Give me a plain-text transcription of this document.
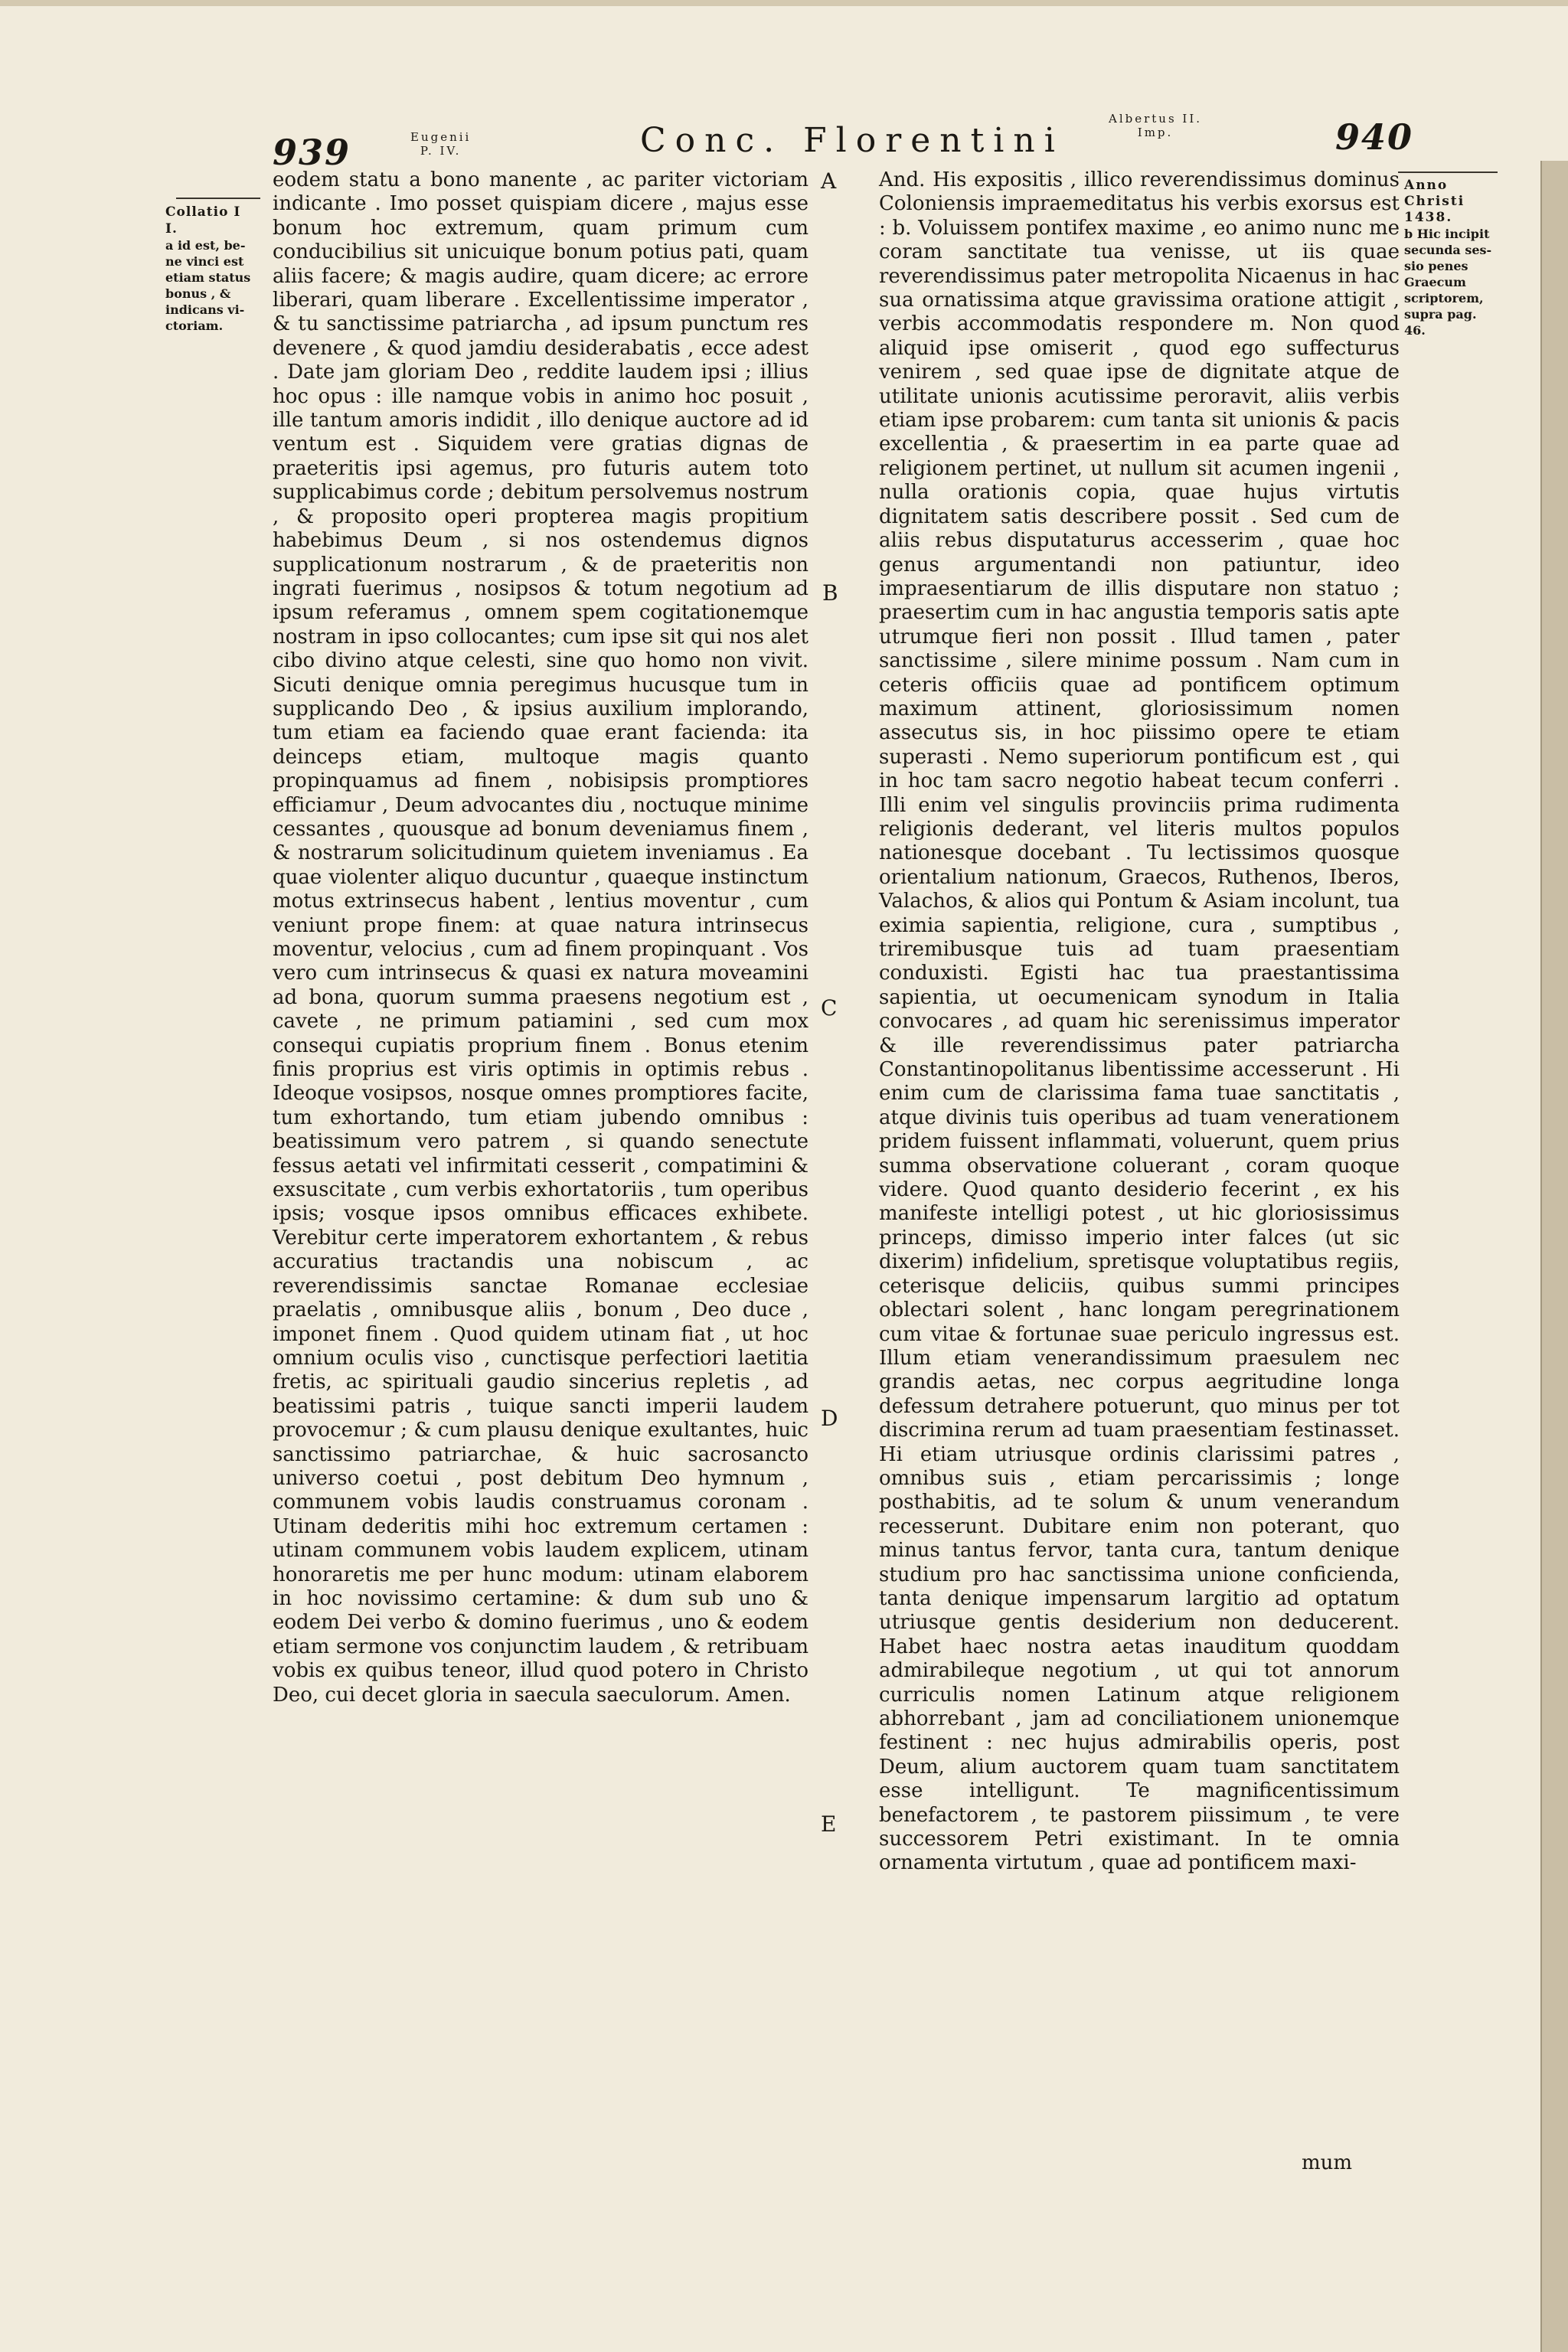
939	Eugenii
P. IV.	Conc. Florentini
Albertus II.
Imp.	940
Collatio I I.
a id est, be-
ne vinci est
etiam status
bonus , &
indicans vi-
ctoriam.

eodem statu a bono manente , ac pariter victoriam indicante . Imo posset quispiam dicere , majus esse bonum hoc extremum, quam primum cum conducibilius sit unicuique bonum potius pati, quam aliis facere; & magis audire, quam dicere; ac errore liberari, quam liberare . Excellentissime imperator , & tu sanctissime patriarcha , ad ipsum punctum res devenere , & quod jamdiu desiderabatis , ecce adest . Date jam gloriam Deo , reddite laudem ipsi ; illius hoc opus : ille namque vobis in animo hoc posuit , ille tantum amoris indidit , illo denique auctore ad id ventum est . Siquidem vere gratias dignas de praeteritis ipsi agemus, pro futuris autem toto supplicabimus corde ; debitum persolvemus nostrum , & proposito operi propterea magis propitium habebimus Deum , si nos ostendemus dignos supplicationum nostrarum , & de praeteritis non ingrati fuerimus , nosipsos & totum negotium ad ipsum referamus , omnem spem cogitationemque nostram in ipso collocantes; cum ipse sit qui nos alet cibo divino atque celesti, sine quo homo non vivit. Sicuti denique omnia peregimus hucusque tum in supplicando Deo , & ipsius auxilium implorando, tum etiam ea faciendo quae erant facienda: ita deinceps etiam, multoque magis quanto propinquamus ad finem , nobisipsis promptiores efficiamur , Deum advocantes diu , noctuque minime cessantes , quousque ad bonum deveniamus finem , & nostrarum solicitudinum quietem inveniamus . Ea quae violenter aliquo ducuntur , quaeque instinctum motus extrinsecus habent , lentius moventur , cum veniunt prope finem: at quae natura intrinsecus moventur, velocius , cum ad finem propinquant . Vos vero cum intrinsecus & quasi ex natura moveamini ad bona, quorum summa praesens negotium est , cavete , ne primum patiamini , sed cum mox consequi cupiatis proprium finem . Bonus etenim finis proprius est viris optimis in optimis rebus . Ideoque vosipsos, nosque omnes promptiores facite, tum exhortando, tum etiam jubendo omnibus : beatissimum vero patrem , si quando senectute fessus aetati vel infirmitati cesserit , compatimini & exsuscitate , cum verbis exhortatoriis , tum operibus ipsis; vosque ipsos omnibus efficaces exhibete. Verebitur certe imperatorem exhortantem , & rebus accuratius tractandis una nobiscum , ac reverendissimis sanctae Romanae ecclesiae praelatis , omnibusque aliis , bonum , Deo duce , imponet finem . Quod quidem utinam fiat , ut hoc omnium oculis viso , cunctisque perfectiori laetitia fretis, ac spirituali gaudio sincerius repletis , ad beatissimi patris , tuique sancti imperii laudem provocemur ; & cum plausu denique exultantes, huic sanctissimo patriarchae, & huic sacrosancto universo coetui , post debitum Deo hymnum , communem vobis laudis construamus coronam . Utinam dederitis mihi hoc extremum certamen : utinam communem vobis laudem explicem, utinam honoraretis me per hunc modum: utinam elaborem in hoc novissimo certamine: & dum sub uno & eodem Dei verbo & domino fuerimus , uno & eodem etiam sermone vos conjunctim laudem , & retribuam vobis ex quibus teneor, illud quod potero in Christo Deo, cui decet gloria in saecula saeculorum. Amen.

A
B
C
D
E

And. His expositis , illico reverendissimus dominus Coloniensis impraemeditatus his verbis exorsus est : b. Voluissem pontifex maxime , eo animo nunc me coram sanctitate tua venisse, ut iis quae reverendissimus pater metropolita Nicaenus in hac sua ornatissima atque gravissima oratione attigit , verbis accommodatis respondere m. Non quod aliquid ipse omiserit , quod ego suffecturus venirem , sed quae ipse de dignitate atque de utilitate unionis acutissime peroravit, aliis verbis etiam ipse probarem: cum tanta sit unionis & pacis excellentia , & praesertim in ea parte quae ad religionem pertinet, ut nullum sit acumen ingenii , nulla orationis copia, quae hujus virtutis dignitatem satis describere possit . Sed cum de aliis rebus disputaturus accesserim , quae hoc genus argumentandi non patiuntur, ideo impraesentiarum de illis disputare non statuo ; praesertim cum in hac angustia temporis satis apte utrumque fieri non possit . Illud tamen , pater sanctissime , silere minime possum . Nam cum in ceteris officiis quae ad pontificem optimum maximum attinent, gloriosissimum nomen assecutus sis, in hoc piissimo opere te etiam superasti . Nemo superiorum pontificum est , qui in hoc tam sacro negotio habeat tecum conferri . Illi enim vel singulis provinciis prima rudimenta religionis dederant, vel literis multos populos nationesque docebant . Tu lectissimos quosque orientalium nationum, Graecos, Ruthenos, Iberos, Valachos, & alios qui Pontum & Asiam incolunt, tua eximia sapientia, religione, cura , sumptibus , triremibusque tuis ad tuam praesentiam conduxisti. Egisti hac tua praestantissima sapientia, ut oecumenicam synodum in Italia convocares , ad quam hic serenissimus imperator & ille reverendissimus pater patriarcha Constantinopolitanus libentissime accesserunt . Hi enim cum de clarissima fama tuae sanctitatis , atque divinis tuis operibus ad tuam venerationem pridem fuissent inflammati, voluerunt, quem prius summa observatione coluerant , coram quoque videre. Quod quanto desiderio fecerint , ex his manifeste intelligi potest , ut hic gloriosissimus princeps, dimisso imperio inter falces (ut sic dixerim) infidelium, spretisque voluptatibus regiis, ceterisque deliciis, quibus summi principes oblectari solent , hanc longam peregrinationem cum vitae & fortunae suae periculo ingressus est. Illum etiam venerandissimum praesulem nec grandis aetas, nec corpus aegritudine longa defessum detrahere potuerunt, quo minus per tot discrimina rerum ad tuam praesentiam festinasset. Hi etiam utriusque ordinis clarissimi patres , omnibus suis , etiam percarissimis ; longe posthabitis, ad te solum & unum venerandum recesserunt. Dubitare enim non poterant, quo minus tantus fervor, tanta cura, tantum denique studium pro hac sanctissima unione conficienda, tanta denique impensarum largitio ad optatum utriusque gentis desiderium non deducerent. Habet haec nostra aetas inauditum quoddam admirabileque negotium , ut qui tot annorum curriculis nomen Latinum atque religionem abhorrebant , jam ad conciliationem unionemque festinent : nec hujus admirabilis operis, post Deum, alium auctorem quam tuam sanctitatem esse intelligunt. Te magnificentissimum benefactorem , te pastorem piissimum , te vere successorem Petri existimant. In te omnia ornamenta virtutum , quae ad pontificem maxi-

mum
Anno Christi 1438.
b Hic incipit
secunda ses-
sio penes
Graecum
scriptorem,
supra pag.
46.
